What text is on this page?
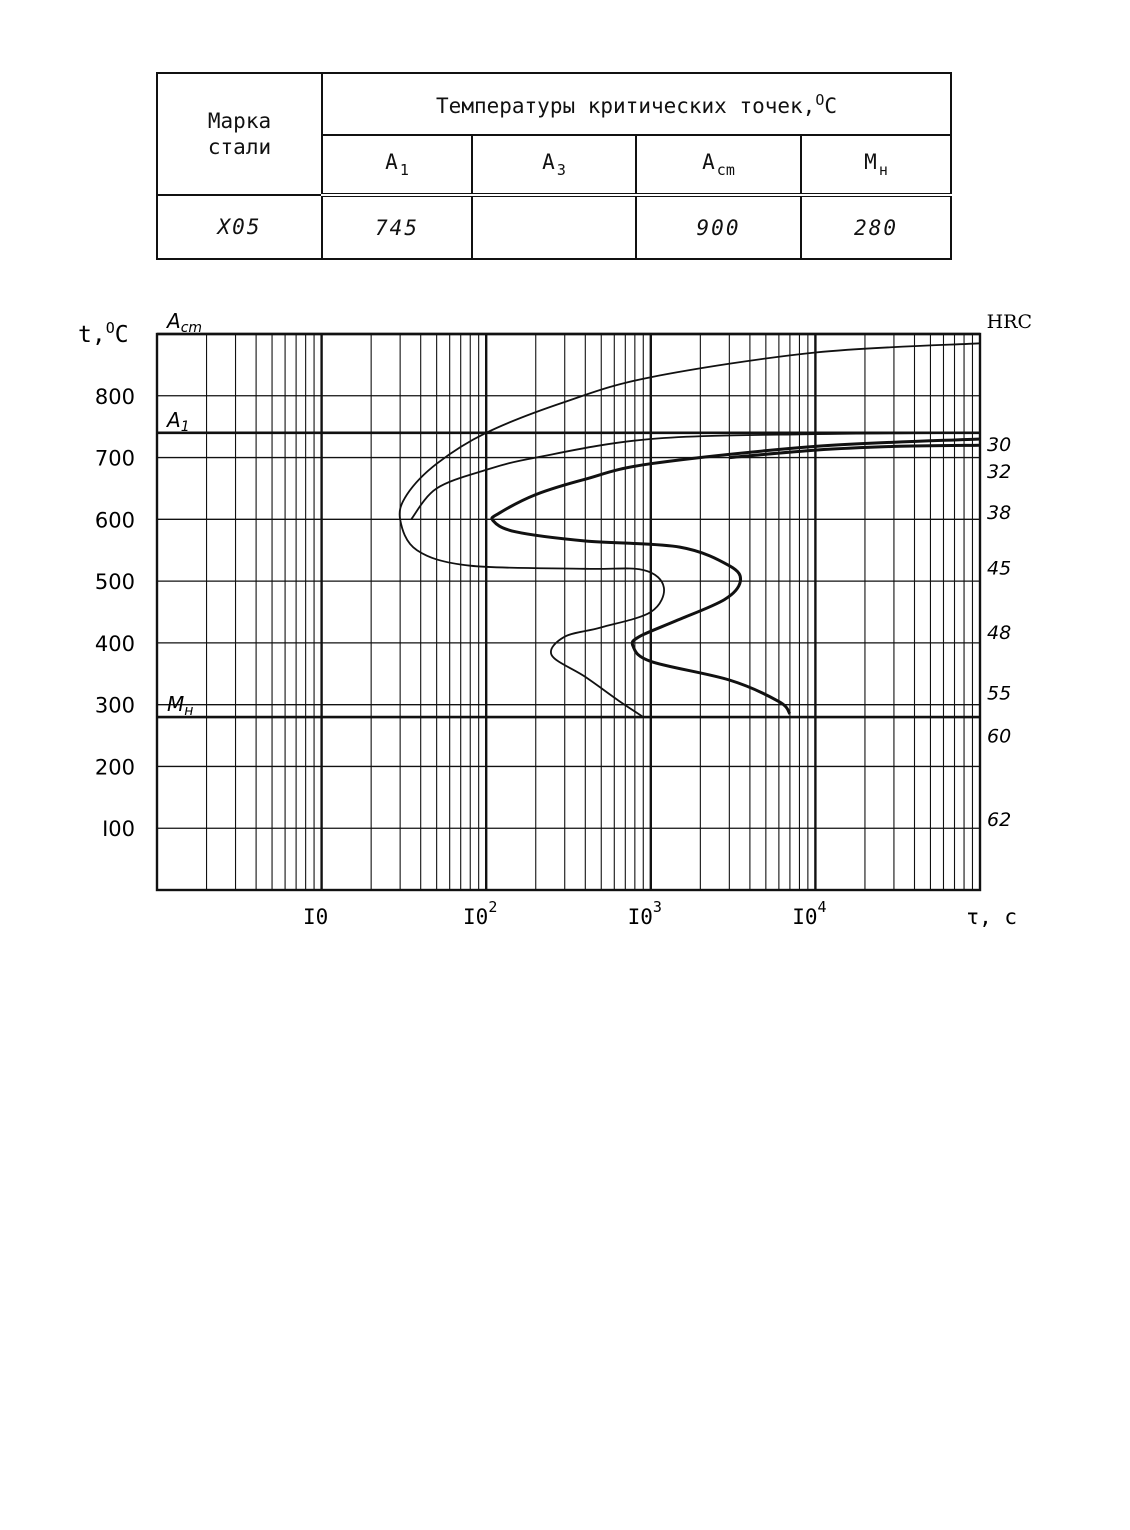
Марка
стали	Температуры критических точек,$^O$C			
	A $_1$	A $_3$	A $_{cm}$	M $_н$
Х05	745		900	280
$A_{cm}$
$A_1$
$M_н$
I00
200
300
400
500
600
700
800
t,$^O$C
I0	$I0^2$	$I0^3$	$I0^4$	τ, c
HRC
30
32
38
45
48
55
60
62
